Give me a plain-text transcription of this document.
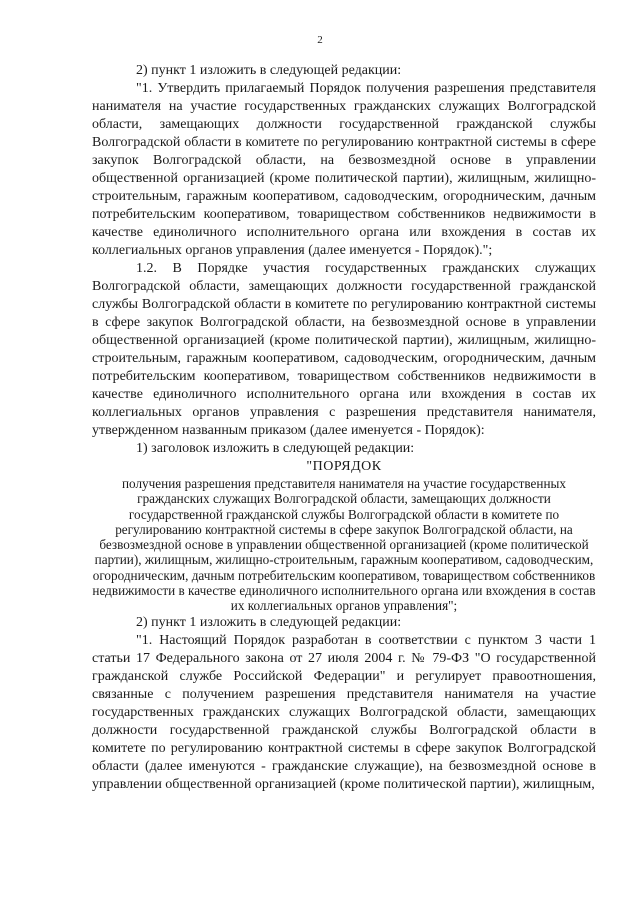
2

2) пункт 1 изложить в следующей редакции:

"1. Утвердить прилагаемый Порядок получения разрешения представителя нанимателя на участие государственных гражданских служащих Волгоградской области, замещающих должности государственной гражданской службы Волгоградской области в комитете по регулированию контрактной системы в сфере закупок Волгоградской области, на безвозмездной основе в управлении общественной организацией (кроме политической партии), жилищным, жилищно-строительным, гаражным кооперативом, садоводческим, огородническим, дачным потребительским кооперативом, товариществом собственников недвижимости в качестве единоличного исполнительного органа или вхождения в состав их коллегиальных органов управления (далее именуется - Порядок).";

1.2. В Порядке участия государственных гражданских служащих Волгоградской области, замещающих должности государственной гражданской службы Волгоградской области в комитете по регулированию контрактной системы в сфере закупок Волгоградской области, на безвозмездной основе в управлении общественной организацией (кроме политической партии), жилищным, жилищно-строительным, гаражным кооперативом, садоводческим, огородническим, дачным потребительским кооперативом, товариществом собственников недвижимости в качестве единоличного исполнительного органа или вхождения в состав их коллегиальных органов управления с разрешения представителя нанимателя, утвержденном названным приказом (далее именуется - Порядок):

1) заголовок изложить в следующей редакции:

"ПОРЯДОК

получения разрешения представителя нанимателя на участие государственных гражданских служащих Волгоградской области, замещающих должности государственной гражданской службы Волгоградской области в комитете по регулированию контрактной системы в сфере закупок Волгоградской области, на безвозмездной основе в управлении общественной организацией (кроме политической партии), жилищным, жилищно-строительным, гаражным кооперативом, садоводческим, огородническим, дачным потребительским кооперативом, товариществом собственников недвижимости в качестве единоличного исполнительного органа или вхождения в состав их коллегиальных органов управления";

2) пункт 1 изложить в следующей редакции:

"1. Настоящий Порядок разработан в соответствии с пунктом 3 части 1 статьи 17 Федерального закона от 27 июля 2004 г. № 79-ФЗ "О государственной гражданской службе Российской Федерации" и регулирует правоотношения, связанные с получением разрешения представителя нанимателя на участие государственных гражданских служащих Волгоградской области, замещающих должности государственной гражданской службы Волгоградской области в комитете по регулированию контрактной системы в сфере закупок Волгоградской области (далее именуются - гражданские служащие), на безвозмездной основе в управлении общественной организацией (кроме политической партии), жилищным,
